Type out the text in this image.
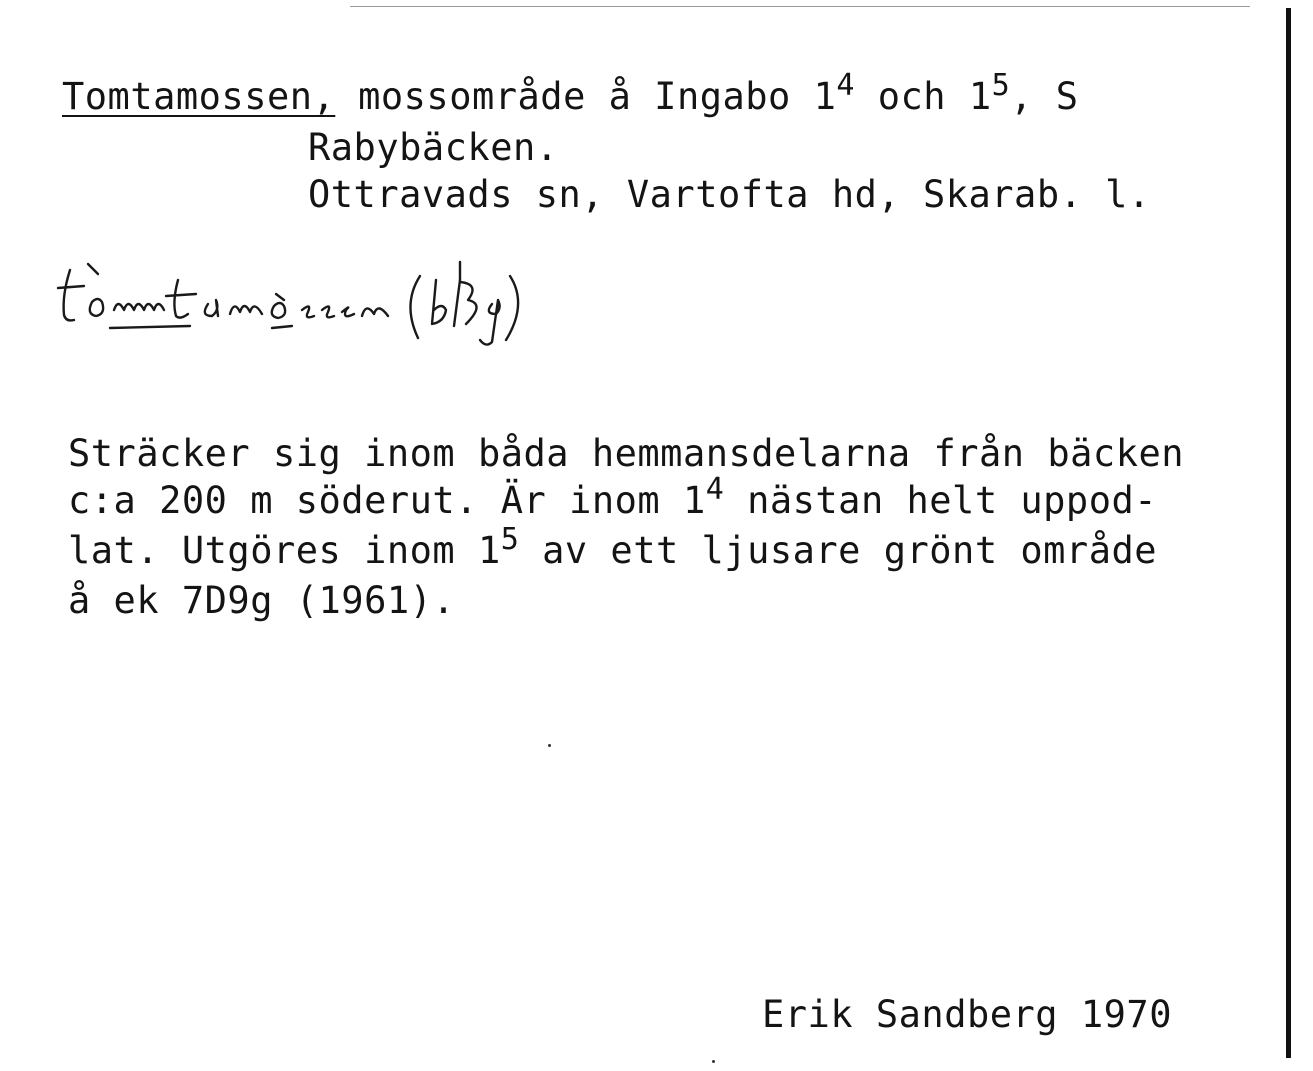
Tomtamossen, mossområde å Ingabo $1^4$ och $1^5$, S
Rabybäcken.
Ottravads sn, Vartofta hd, Skarab. l.
Sträcker sig inom båda hemmansdelarna från bäcken
c:a 200 m söderut. Är inom $1^4$ nästan helt uppod-
lat. Utgöres inom $1^5$ av ett ljusare grönt område
å ek 7D9g (1961).
Erik Sandberg 1970
